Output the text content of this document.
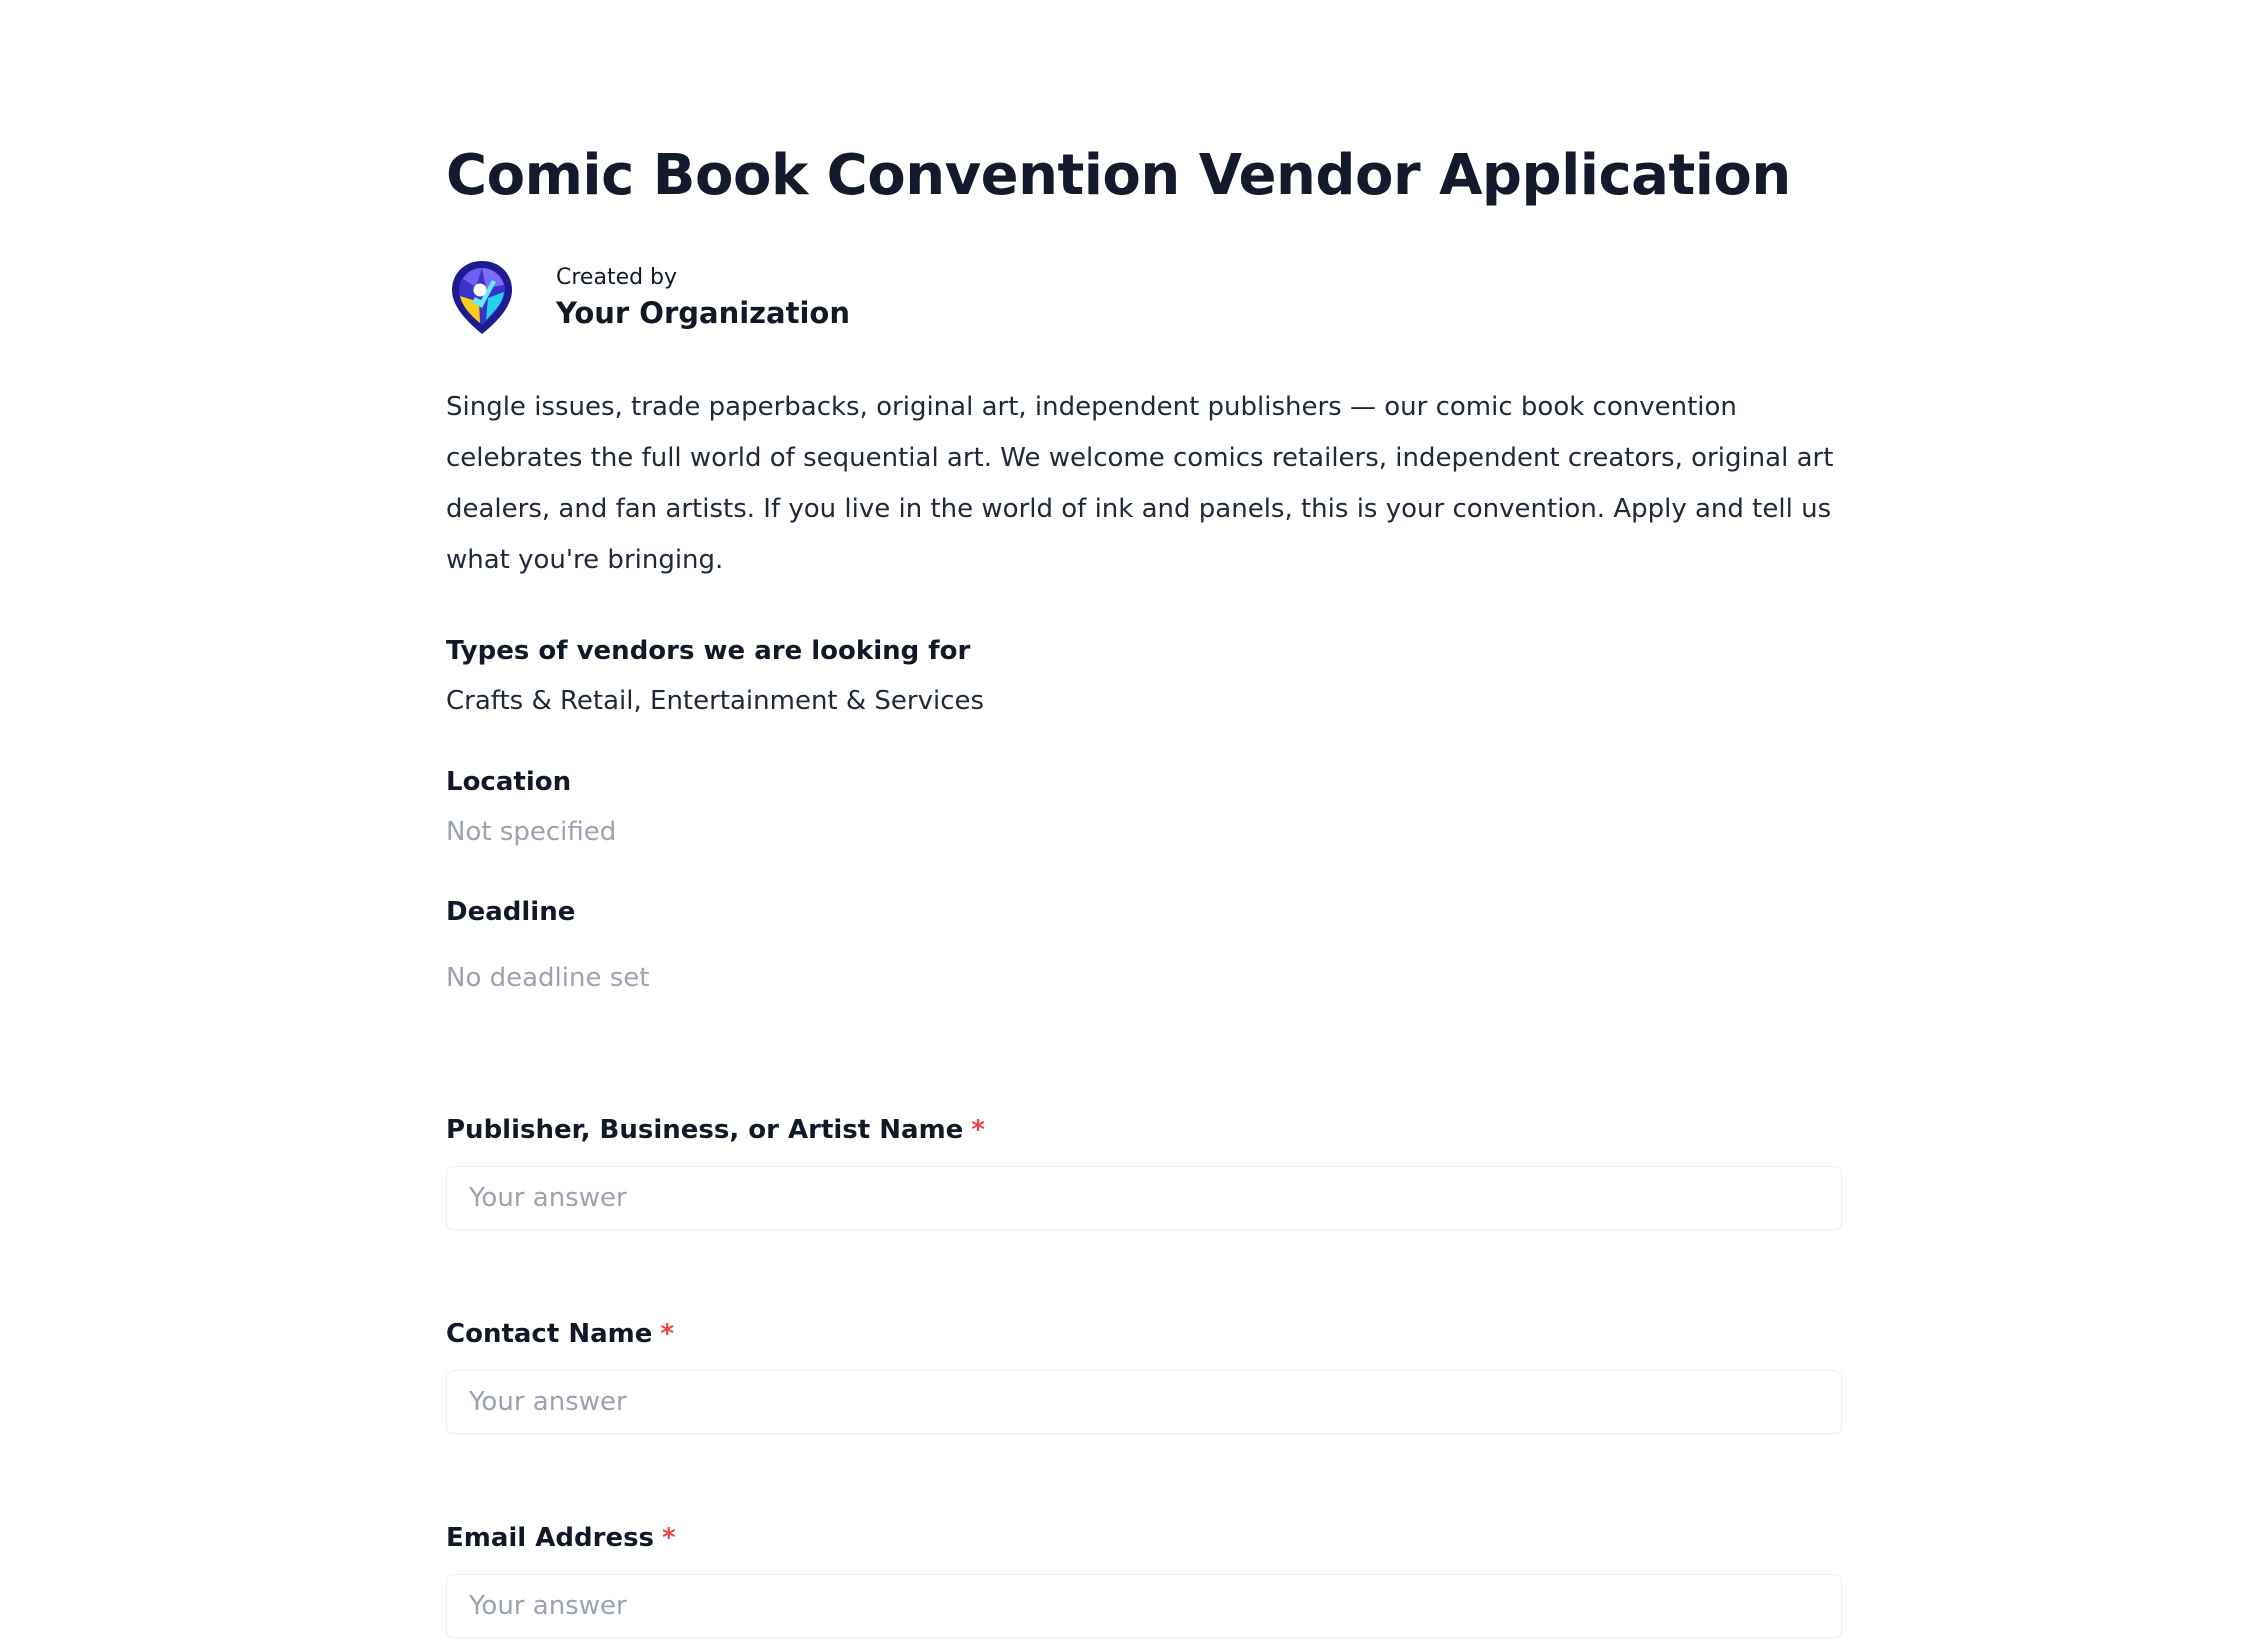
Comic Book Convention Vendor Application
Created by
Your Organization

Single issues, trade paperbacks, original art, independent publishers — our comic book convention celebrates the full world of sequential art. We welcome comics retailers, independent creators, original art dealers, and fan artists. If you live in the world of ink and panels, this is your convention. Apply and tell us what you're bringing.

Types of vendors we are looking for

Crafts & Retail, Entertainment & Services

Location

Not specified

Deadline

No deadline set

Publisher, Business, or Artist Name *
Your answer
Contact Name *
Your answer
Email Address *
Your answer
